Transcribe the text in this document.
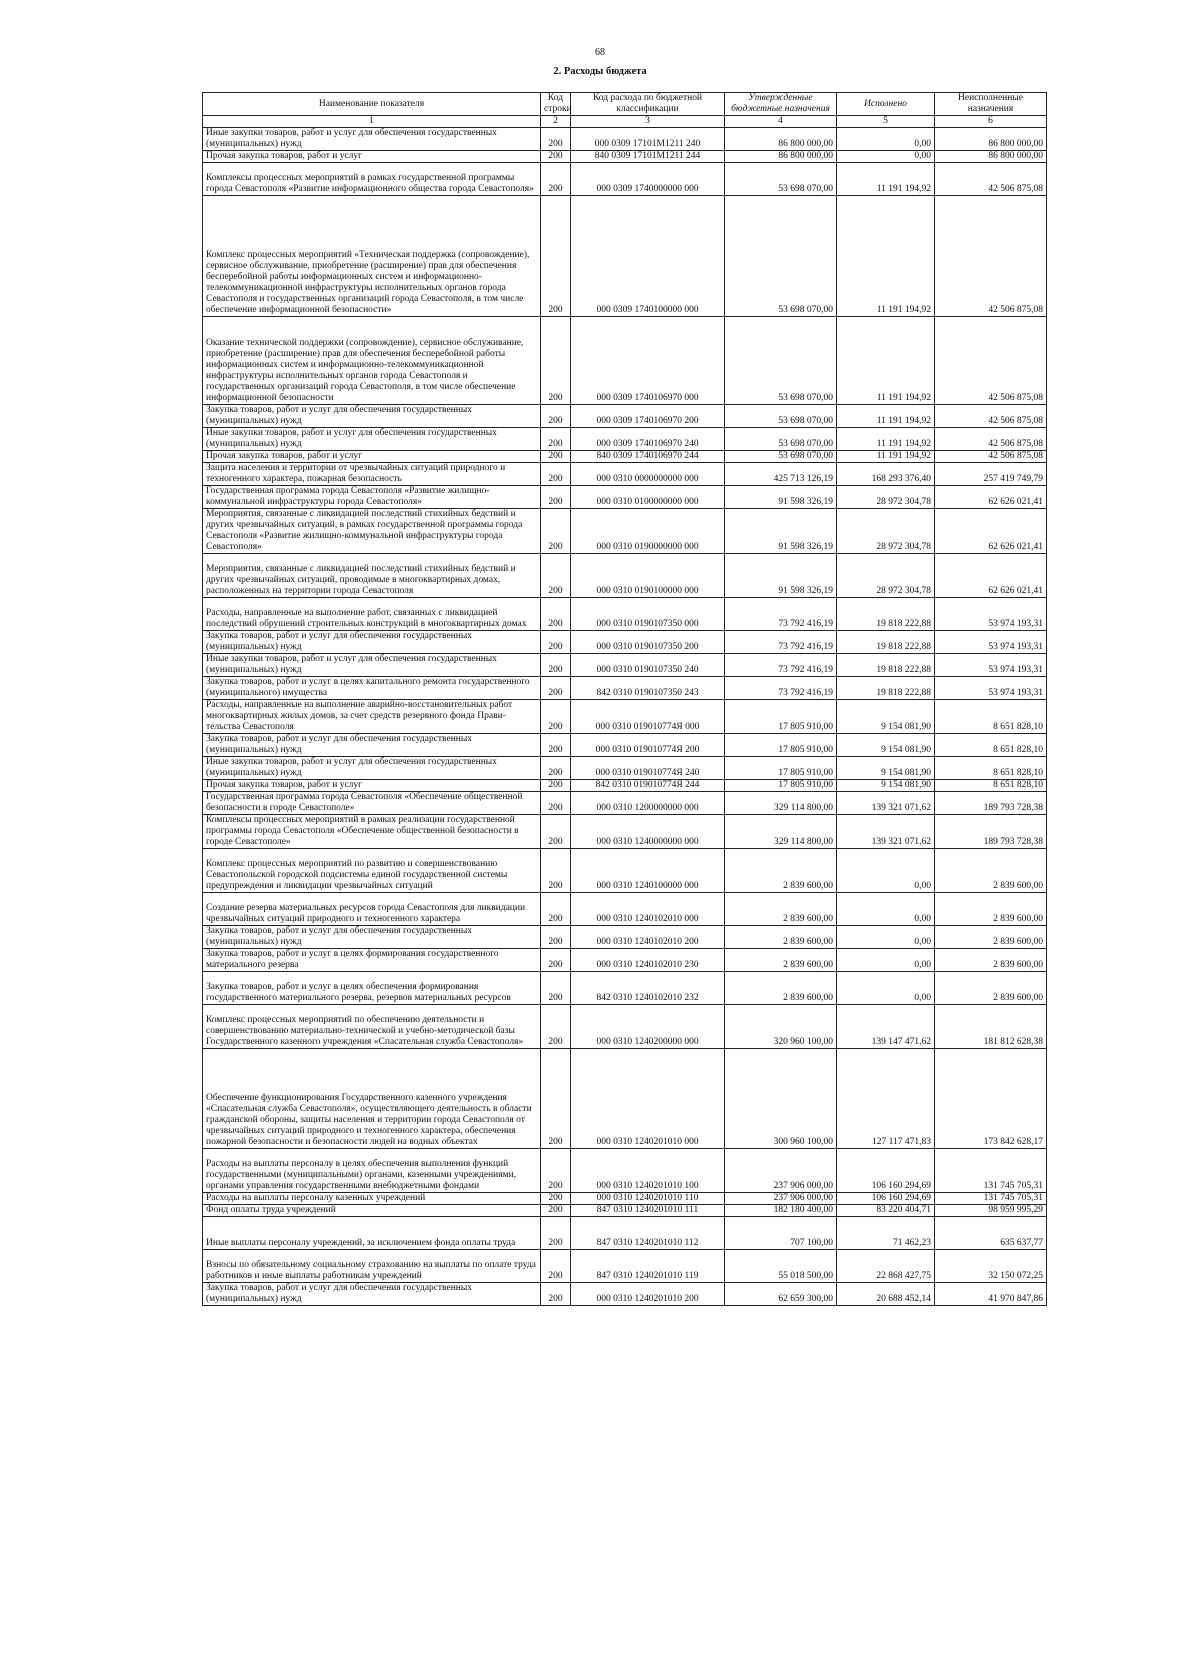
68
2. Расходы бюджета
Наименование показателя	Код строки	Код расхода по бюджетной классификации	Утвержденные бюджетные назначения	Исполнено	Неисполненные назначения
1	2	3	4	5	6
Иные закупки товаров, работ и услуг для обеспечения государственных (муниципальных) нужд	200	000 0309 17101M1211 240	86 800 000,00	0,00	86 800 000,00
Прочая закупка товаров, работ и услуг	200	840 0309 17101M1211 244	86 800 000,00	0,00	86 800 000,00
Комплексы процессных мероприятий в рамках государственной программы города Севастополя «Развитие информационного общества города Севастополя»	200	000 0309 1740000000 000	53 698 070,00	11 191 194,92	42 506 875,08
Комплекс процессных мероприятий «Техническая поддержка (сопровождение), сервисное обслуживание, приобретение (расширение) прав для обеспечения бесперебойной работы информационных систем и информационно-телекоммуникационной инфраструктуры исполнительных органов города Севастополя и государственных организаций города Севастополя, в том числе обеспечение информационной безопасности»	200	000 0309 1740100000 000	53 698 070,00	11 191 194,92	42 506 875,08
Оказание технической поддержки (сопровождение), сервисное обслуживание, приобретение (расширение) прав для обеспечения бесперебойной работы информационных систем и информационно-телекоммуникационной инфраструктуры исполнительных органов города Севастополя и государственных организаций города Севастополя, в том числе обеспечение информационной безопасности	200	000 0309 1740106970 000	53 698 070,00	11 191 194,92	42 506 875,08
Закупка товаров, работ и услуг для обеспечения государственных (муниципальных) нужд	200	000 0309 1740106970 200	53 698 070,00	11 191 194,92	42 506 875,08
Иные закупки товаров, работ и услуг для обеспечения государственных (муниципальных) нужд	200	000 0309 1740106970 240	53 698 070,00	11 191 194,92	42 506 875,08
Прочая закупка товаров, работ и услуг	200	840 0309 1740106970 244	53 698 070,00	11 191 194,92	42 506 875,08
Защита населения и территории от чрезвычайных ситуаций природного и техногенного характера, пожарная безопасность	200	000 0310 0000000000 000	425 713 126,19	168 293 376,40	257 419 749,79
Государственная программа города Севастополя «Развитие жилищно-коммунальной инфраструктуры города Севастополя»	200	000 0310 0100000000 000	91 598 326,19	28 972 304,78	62 626 021,41
Мероприятия, связанные с ликвидацией последствий стихийных бедствий и других чрезвычайных ситуаций, в рамках государственной программы города Севастополя «Развитие жилищно-коммунальной инфраструктуры города Севастополя»	200	000 0310 0190000000 000	91 598 326,19	28 972 304,78	62 626 021,41
Мероприятия, связанные с ликвидацией последствий стихийных бедствий и других чрезвычайных ситуаций, проводимые в многоквартирных домах, расположенных на территории города Севастополя	200	000 0310 0190100000 000	91 598 326,19	28 972 304,78	62 626 021,41
Расходы, направленные на выполнение работ, связанных с ликвидацией последствий обрушений строительных конструкций в многоквартирных домах	200	000 0310 0190107350 000	73 792 416,19	19 818 222,88	53 974 193,31
Закупка товаров, работ и услуг для обеспечения государственных (муниципальных) нужд	200	000 0310 0190107350 200	73 792 416,19	19 818 222,88	53 974 193,31
Иные закупки товаров, работ и услуг для обеспечения государственных (муниципальных) нужд	200	000 0310 0190107350 240	73 792 416,19	19 818 222,88	53 974 193,31
Закупка товаров, работ и услуг в целях капитального ремонта государственного (муниципального) имущества	200	842 0310 0190107350 243	73 792 416,19	19 818 222,88	53 974 193,31
Расходы, направленные на выполнение аварийно-восстановительных работ многоквартирных жилых домов, за счет средств резервного фонда Прави-тельства Севастополя	200	000 0310 019010774Я 000	17 805 910,00	9 154 081,90	8 651 828,10
Закупка товаров, работ и услуг для обеспечения государственных (муниципальных) нужд	200	000 0310 019010774Я 200	17 805 910,00	9 154 081,90	8 651 828,10
Иные закупки товаров, работ и услуг для обеспечения государственных (муниципальных) нужд	200	000 0310 019010774Я 240	17 805 910,00	9 154 081,90	8 651 828,10
Прочая закупка товаров, работ и услуг	200	842 0310 019010774Я 244	17 805 910,00	9 154 081,90	8 651 828,10
Государственная программа города Севастополя «Обеспечение общественной безопасности в городе Севастополе»	200	000 0310 1200000000 000	329 114 800,00	139 321 071,62	189 793 728,38
Комплексы процессных мероприятий в рамках реализации государственной программы города Севастополя «Обеспечение общественной безопасности в городе Севастополе»	200	000 0310 1240000000 000	329 114 800,00	139 321 071,62	189 793 728,38
Комплекс процессных мероприятий по развитию и совершенствованию Севастопольской городской подсистемы единой государственной системы предупреждения и ликвидации чрезвычайных ситуаций	200	000 0310 1240100000 000	2 839 600,00	0,00	2 839 600,00
Создание резерва материальных ресурсов города Севастополя для ликвидации чрезвычайных ситуаций природного и техногенного характера	200	000 0310 1240102010 000	2 839 600,00	0,00	2 839 600,00
Закупка товаров, работ и услуг для обеспечения государственных (муниципальных) нужд	200	000 0310 1240102010 200	2 839 600,00	0,00	2 839 600,00
Закупка товаров, работ и услуг в целях формирования государственного материального резерва	200	000 0310 1240102010 230	2 839 600,00	0,00	2 839 600,00
Закупка товаров, работ и услуг в целях обеспечения формирования государственного материального резерва, резервов материальных ресурсов	200	842 0310 1240102010 232	2 839 600,00	0,00	2 839 600,00
Комплекс процессных мероприятий по обеспечению деятельности и совершенствованию материально-технической и учебно-методической базы Государственного казенного учреждения «Спасательная служба Севастополя»	200	000 0310 1240200000 000	320 960 100,00	139 147 471,62	181 812 628,38
Обеспечение функционирования Государственного казенного учреждения «Спасательная служба Севастополя», осуществляющего деятельность в области гражданской обороны, защиты населения и территории города Севастополя от чрезвычайных ситуаций природного и техногенного характера, обеспечения пожарной безопасности и безопасности людей на водных объектах	200	000 0310 1240201010 000	300 960 100,00	127 117 471,83	173 842 628,17
Расходы на выплаты персоналу в целях обеспечения выполнения функций государственными (муниципальными) органами, казенными учреждениями, органами управления государственными внебюджетными фондами	200	000 0310 1240201010 100	237 906 000,00	106 160 294,69	131 745 705,31
Расходы на выплаты персоналу казенных учреждений	200	000 0310 1240201010 110	237 906 000,00	106 160 294,69	131 745 705,31
Фонд оплаты труда учреждений	200	847 0310 1240201010 111	182 180 400,00	83 220 404,71	98 959 995,29
Иные выплаты персоналу учреждений, за исключением фонда оплаты труда	200	847 0310 1240201010 112	707 100,00	71 462,23	635 637,77
Взносы по обязательному социальному страхованию на выплаты по оплате труда работников и иные выплаты работникам учреждений	200	847 0310 1240201010 119	55 018 500,00	22 868 427,75	32 150 072,25
Закупка товаров, работ и услуг для обеспечения государственных (муниципальных) нужд	200	000 0310 1240201010 200	62 659 300,00	20 688 452,14	41 970 847,86
